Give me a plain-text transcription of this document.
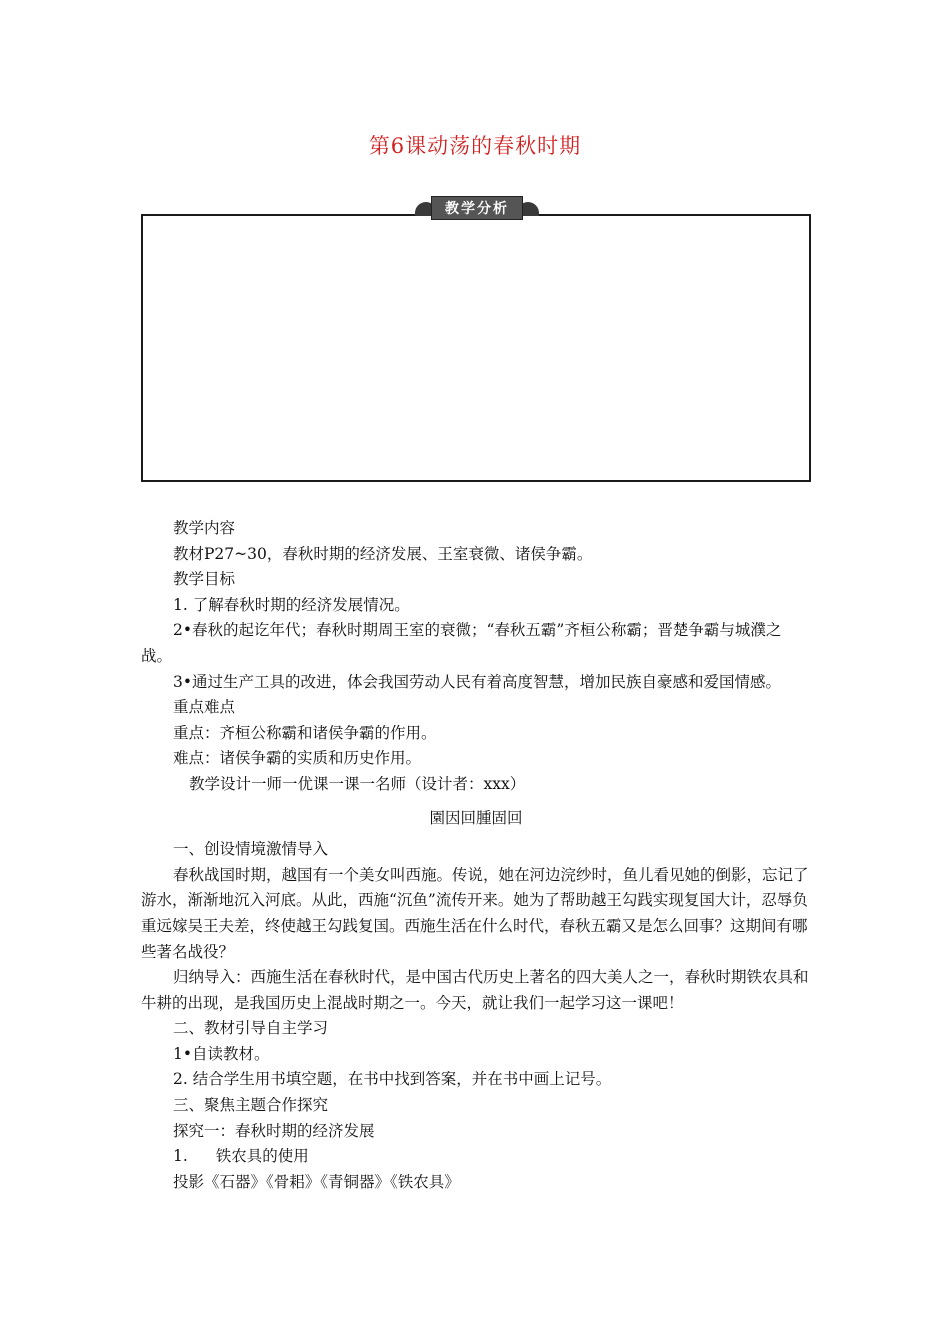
第6课动荡的春秋时期
教学分析

教学内容

教材P27~30，春秋时期的经济发展、王室衰微、诸侯争霸。

教学目标

1. 了解春秋时期的经济发展情况。

2•春秋的起讫年代；春秋时期周王室的衰微；“春秋五霸”齐桓公称霸；晋楚争霸与城濮之战。

3•通过生产工具的改进，体会我国劳动人民有着高度智慧，增加民族自豪感和爱国情感。

重点难点

重点：齐桓公称霸和诸侯争霸的作用。

难点：诸侯争霸的实质和历史作用。

教学设计一师一优课一课一名师（设计者：xxx）

園因回腫固回

一、创设情境激情导入

春秋战国时期，越国有一个美女叫西施。传说，她在河边浣纱时，鱼儿看见她的倒影，忘记了游水，渐渐地沉入河底。从此，西施“沉鱼”流传开来。她为了帮助越王勾践实现复国大计，忍辱负重远嫁吴王夫差，终使越王勾践复国。西施生活在什么时代，春秋五霸又是怎么回事？这期间有哪些著名战役？

归纳导入：西施生活在春秋时代，是中国古代历史上著名的四大美人之一，春秋时期铁农具和牛耕的出现，是我国历史上混战时期之一。今天，就让我们一起学习这一课吧！

二、教材引导自主学习

1•自读教材。

2. 结合学生用书填空题，在书中找到答案，并在书中画上记号。

三、聚焦主题合作探究

探究一：春秋时期的经济发展

1. 铁农具的使用

投影《石器》《骨耜》《青铜器》《铁农具》
